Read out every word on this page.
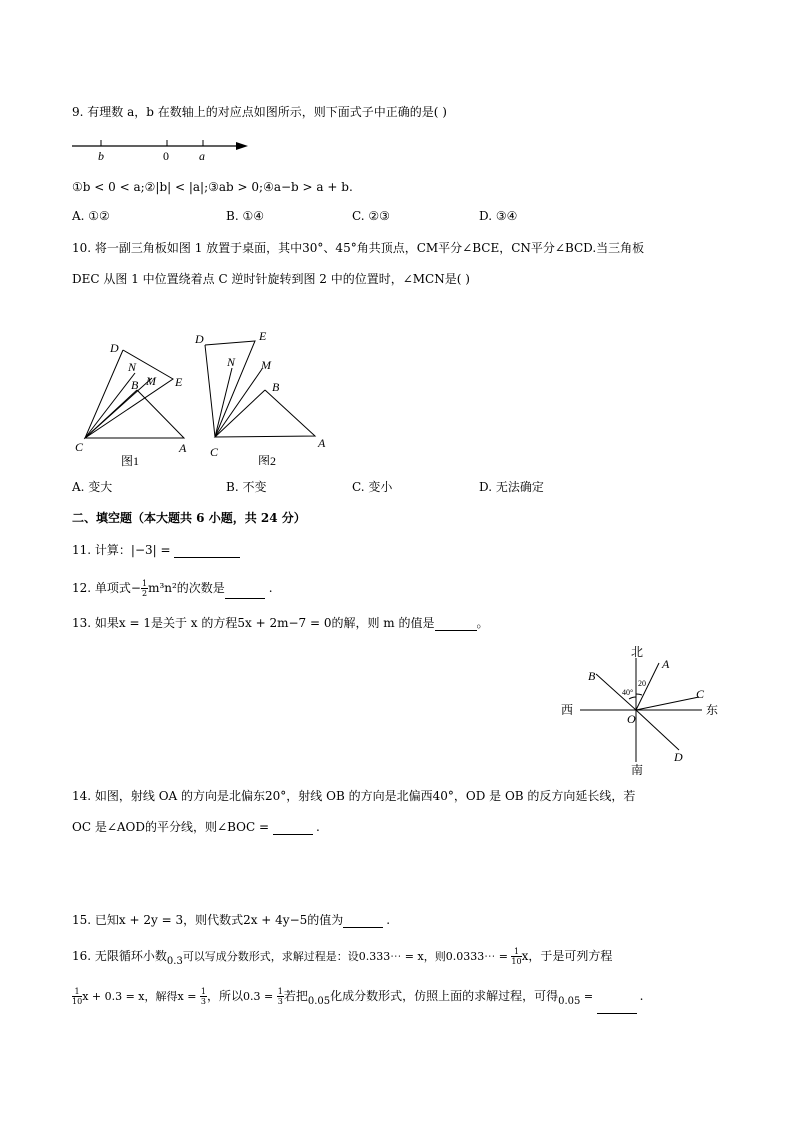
9. 有理数 a，b 在数轴上的对应点如图所示，则下面式子中正确的是( )
b	0	a
①b < 0 < a;②|b| < |a|;③ab > 0;④a−b > a + b.
A. ①②	B. ①④	C. ②③	D. ③④
10. 将一副三角板如图 1 放置于桌面，其中30°、45°角共顶点，CM平分∠BCE，CN平分∠BCD.当三角板
DEC 从图 1 中位置绕着点 C 逆时针旋转到图 2 中的位置时，∠MCN是( )
D
N
B M E
C	A
图1
D	E
N M
B
C
A
图2
A. 变大	B. 不变	C. 变小	D. 无法确定
二、填空题（本大题共 6 小题，共 24 分）
11. 计算：|−3| =
12. 单项式− $\frac{1}{2} m^3n^2$的次数是	.
13. 如果x = 1是关于 x 的方程5x + 2m−7 = 0的解，则 m 的值是	。
北
南
西	东
A
B
C
D
O
40°
20
14. 如图，射线 OA 的方向是北偏东20°，射线 OB 的方向是北偏西40°，OD 是 OB 的反方向延长线，若
OC 是∠AOD的平分线，则∠BOC =	.
15. 已知x + 2y = 3，则代数式2x + 4y−5的值为	.
16. 无限循环小数$_{0.3}$可以写成分数形式，求解过程是：设0.333⋯ = x，则0.0333⋯ = $\frac{1}{10}$ x，于是可列方程
$\frac{1}{10}$ x + 0.3 = x，解得$x = \frac{1}{3}$ ，所以$0.3 = \frac{1}{3}$ 若把$_{0.05}$化成分数形式，仿照上面的求解过程，可得$_{0.05}$ =	.
